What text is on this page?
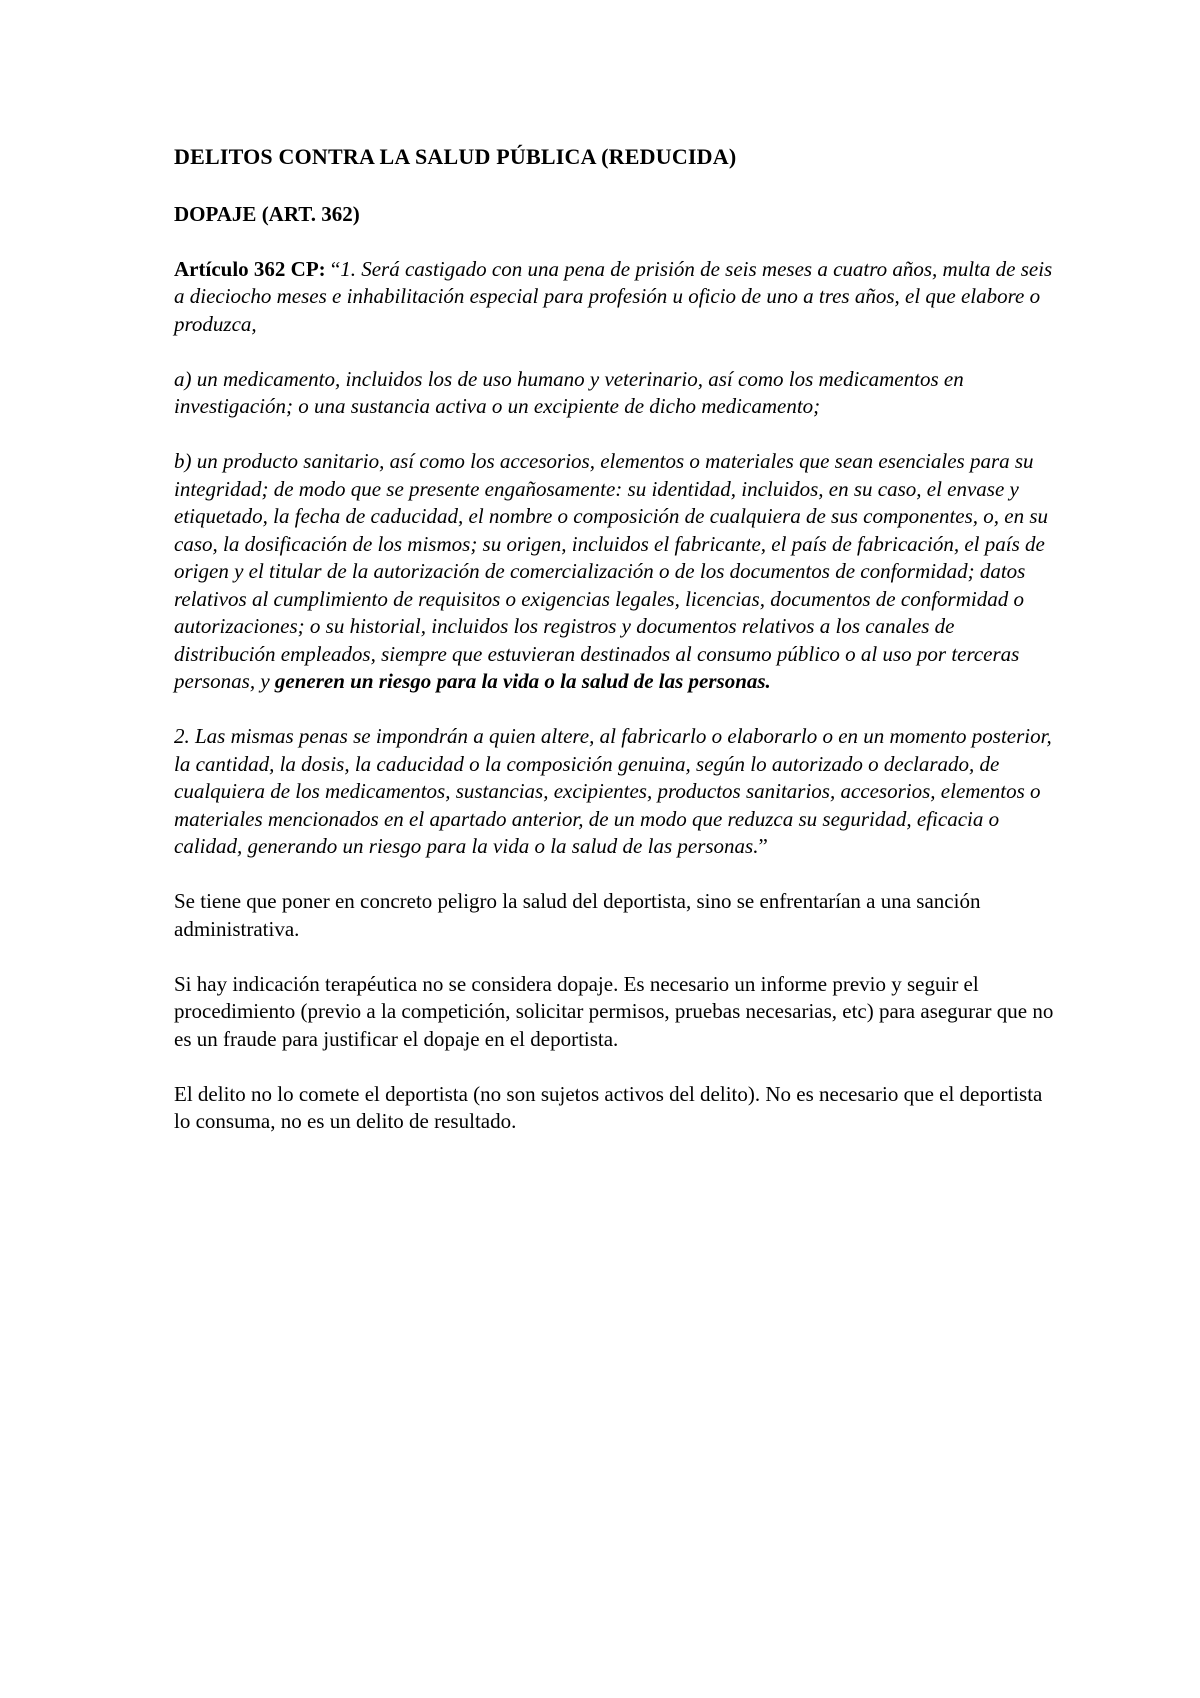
DELITOS CONTRA LA SALUD PÚBLICA (REDUCIDA)

DOPAJE (ART. 362)

Artículo 362 CP: “1. Será castigado con una pena de prisión de seis meses a cuatro años, multa de seis a dieciocho meses e inhabilitación especial para profesión u oficio de uno a tres años, el que elabore o produzca,

a) un medicamento, incluidos los de uso humano y veterinario, así como los medicamentos en investigación; o una sustancia activa o un excipiente de dicho medicamento;

b) un producto sanitario, así como los accesorios, elementos o materiales que sean esenciales para su integridad; de modo que se presente engañosamente: su identidad, incluidos, en su caso, el envase y etiquetado, la fecha de caducidad, el nombre o composición de cualquiera de sus componentes, o, en su caso, la dosificación de los mismos; su origen, incluidos el fabricante, el país de fabricación, el país de origen y el titular de la autorización de comercialización o de los documentos de conformidad; datos relativos al cumplimiento de requisitos o exigencias legales, licencias, documentos de conformidad o autorizaciones; o su historial, incluidos los registros y documentos relativos a los canales de distribución empleados, siempre que estuvieran destinados al consumo público o al uso por terceras personas, y generen un riesgo para la vida o la salud de las personas.

2. Las mismas penas se impondrán a quien altere, al fabricarlo o elaborarlo o en un momento posterior, la cantidad, la dosis, la caducidad o la composición genuina, según lo autorizado o declarado, de cualquiera de los medicamentos, sustancias, excipientes, productos sanitarios, accesorios, elementos o materiales mencionados en el apartado anterior, de un modo que reduzca su seguridad, eficacia o calidad, generando un riesgo para la vida o la salud de las personas.”

Se tiene que poner en concreto peligro la salud del deportista, sino se enfrentarían a una sanción administrativa.

Si hay indicación terapéutica no se considera dopaje. Es necesario un informe previo y seguir el procedimiento (previo a la competición, solicitar permisos, pruebas necesarias, etc) para asegurar que no es un fraude para justificar el dopaje en el deportista.

El delito no lo comete el deportista (no son sujetos activos del delito). No es necesario que el deportista lo consuma, no es un delito de resultado.
